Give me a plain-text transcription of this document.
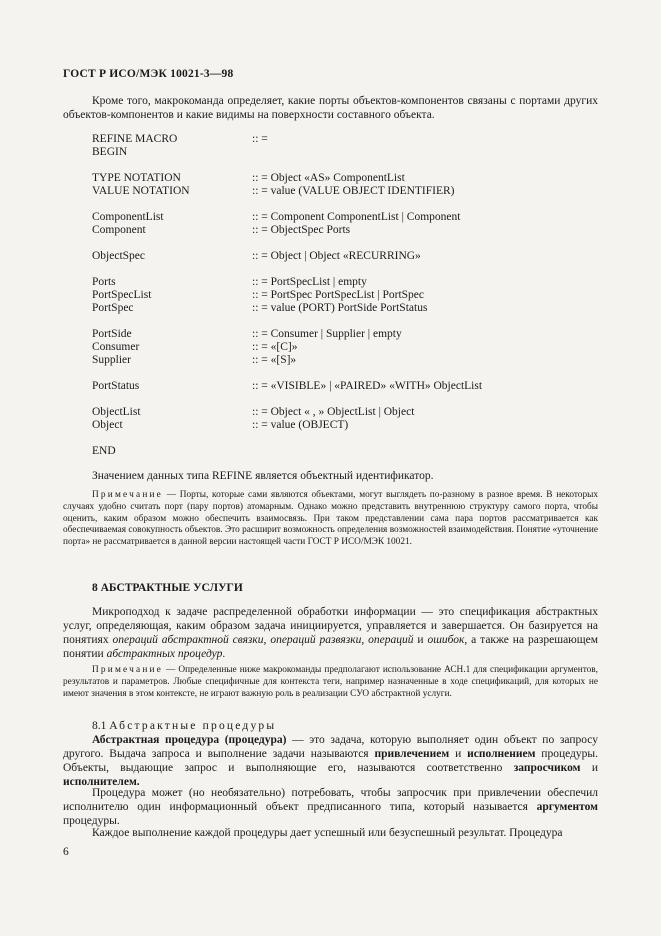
ГОСТ Р ИСО/МЭК 10021-3—98
Кроме того, макрокоманда определяет, какие порты объектов-компонентов связаны с портами других объектов-компонентов и какие видимы на поверхности составного объекта.
REFINE MACRO	:: =
BEGIN
TYPE NOTATION	:: = Object «AS» ComponentList
VALUE NOTATION	:: = value (VALUE OBJECT IDENTIFIER)
ComponentList	:: = Component ComponentList | Component
Component	:: = ObjectSpec Ports
ObjectSpec	:: = Object | Object «RECURRING»
Ports	:: = PortSpecList | empty
PortSpecList	:: = PortSpec PortSpecList | PortSpec
PortSpec	:: = value (PORT) PortSide PortStatus
PortSide	:: = Consumer | Supplier | empty
Consumer	:: = «[C]»
Supplier	:: = «[S]»
PortStatus	:: = «VISIBLE» | «PAIRED» «WITH» ObjectList
ObjectList	:: = Object « , » ObjectList | Object
Object	:: = value (OBJECT)
END
Значением данных типа REFINE является объектный идентификатор.
Примечание — Порты, которые сами являются объектами, могут выглядеть по-разному в разное время. В некоторых случаях удобно считать порт (пару портов) атомарным. Однако можно представить внутреннюю структуру самого порта, чтобы оценить, каким образом можно обеспечить взаимосвязь. При таком представлении сама пара портов рассматривается как обеспечиваемая совокупность объектов. Это расширит возможность определения возможностей взаимодействия. Понятие «уточнение порта» не рассматривается в данной версии настоящей части ГОСТ Р ИСО/МЭК 10021.
8 АБСТРАКТНЫЕ УСЛУГИ
Микроподход к задаче распределенной обработки информации — это спецификация абстрактных услуг, определяющая, каким образом задача инициируется, управляется и завершается. Он базируется на понятиях операций абстрактной связки, операций развязки, операций и ошибок, а также на разрешающем понятии абстрактных процедур.
Примечание — Определенные ниже макрокоманды предполагают использование АСН.1 для спецификации аргументов, результатов и параметров. Любые специфичные для контекста теги, например назначенные в ходе спецификаций, для которых не имеют значения в этом контексте, не играют важную роль в реализации СУО абстрактной услуги.
8.1 Абстрактные процедуры
Абстрактная процедура (процедура) — это задача, которую выполняет один объект по запросу другого. Выдача запроса и выполнение задачи называются привлечением и исполнением процедуры. Объекты, выдающие запрос и выполняющие его, называются соответственно запросчиком и исполнителем.
Процедура может (но необязательно) потребовать, чтобы запросчик при привлечении обеспечил исполнителю один информационный объект предписанного типа, который называется аргументом процедуры.
Каждое выполнение каждой процедуры дает успешный или безуспешный результат. Процедура
6
